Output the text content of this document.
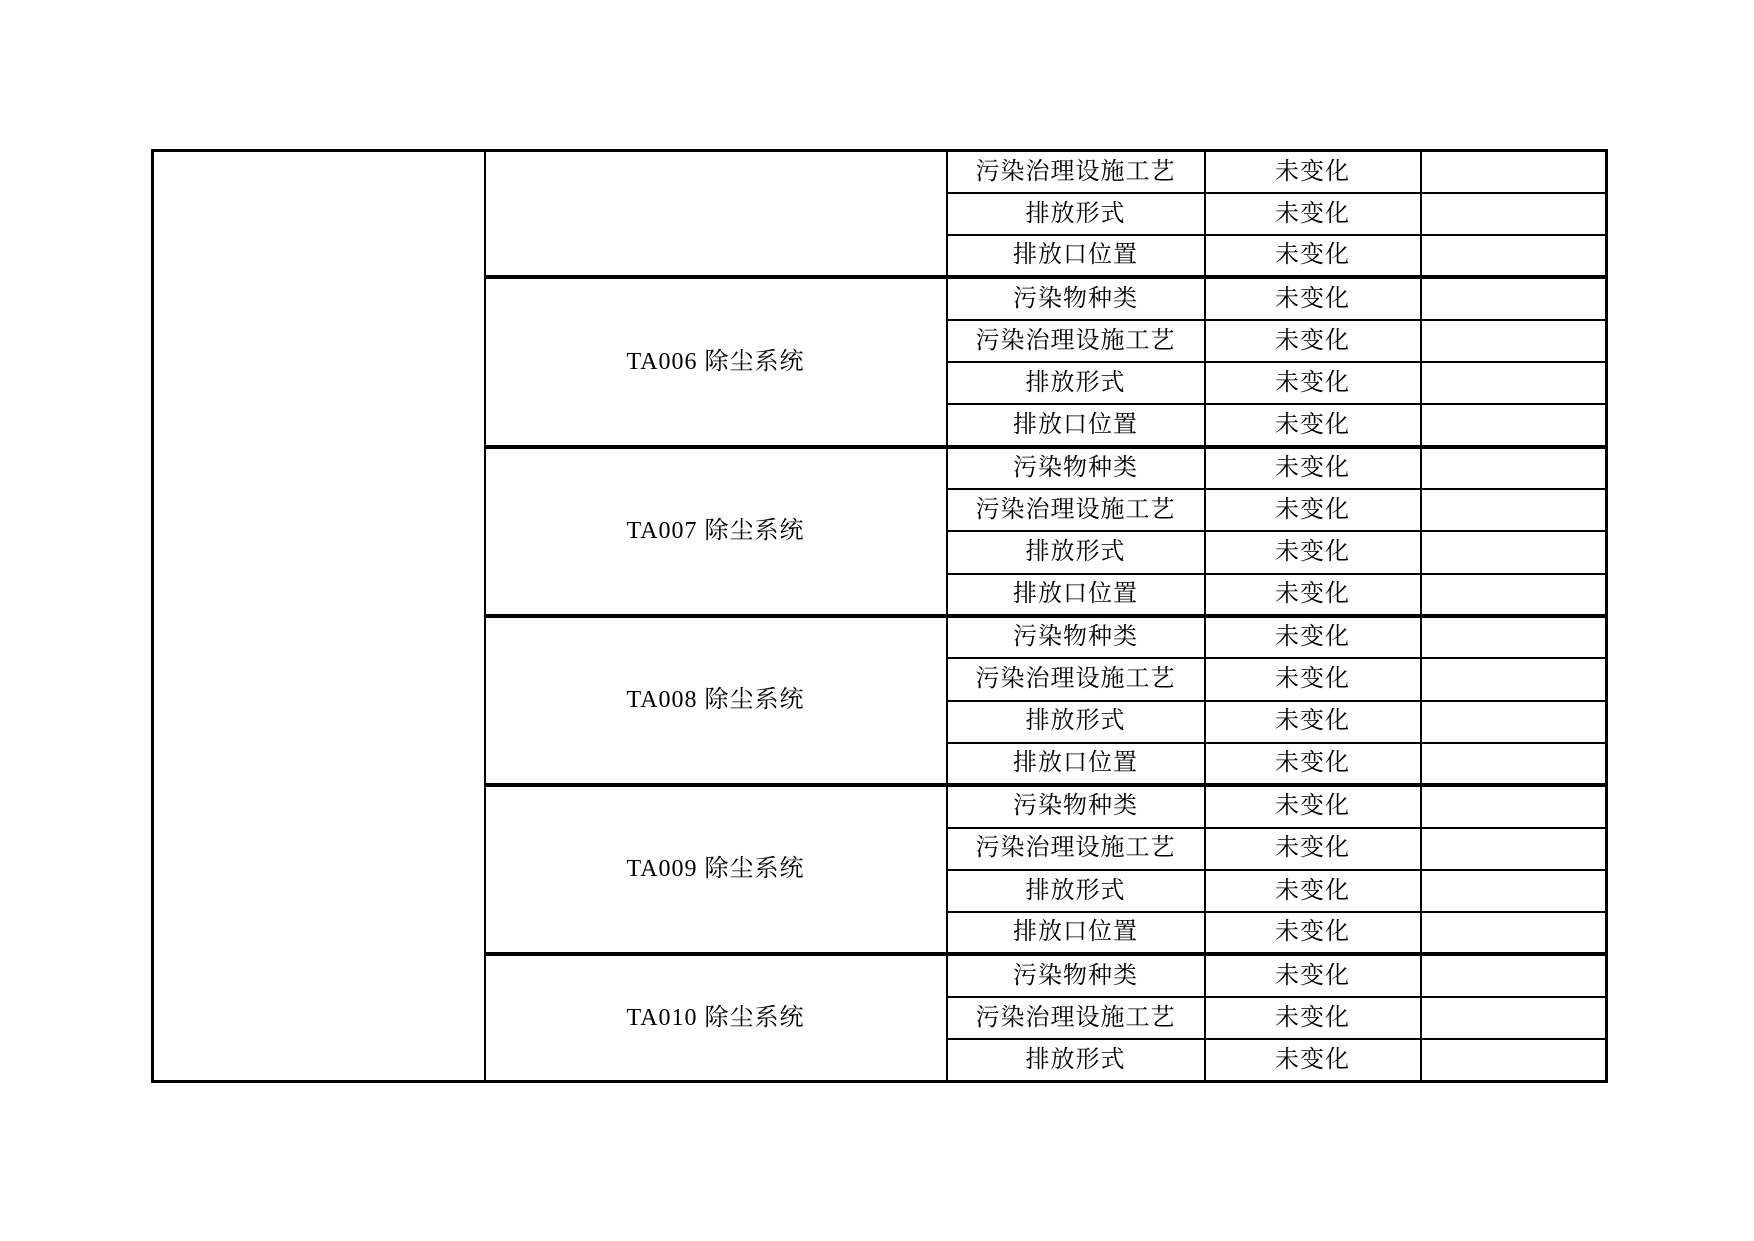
		污染治理设施工艺	未变化	
		排放形式	未变化	
		排放口位置	未变化	
	TA006 除尘系统	污染物种类	未变化	
		污染治理设施工艺	未变化	
		排放形式	未变化	
		排放口位置	未变化	
	TA007 除尘系统	污染物种类	未变化	
		污染治理设施工艺	未变化	
		排放形式	未变化	
		排放口位置	未变化	
	TA008 除尘系统	污染物种类	未变化	
		污染治理设施工艺	未变化	
		排放形式	未变化	
		排放口位置	未变化	
	TA009 除尘系统	污染物种类	未变化	
		污染治理设施工艺	未变化	
		排放形式	未变化	
		排放口位置	未变化	
	TA010 除尘系统	污染物种类	未变化	
		污染治理设施工艺	未变化	
		排放形式	未变化	
